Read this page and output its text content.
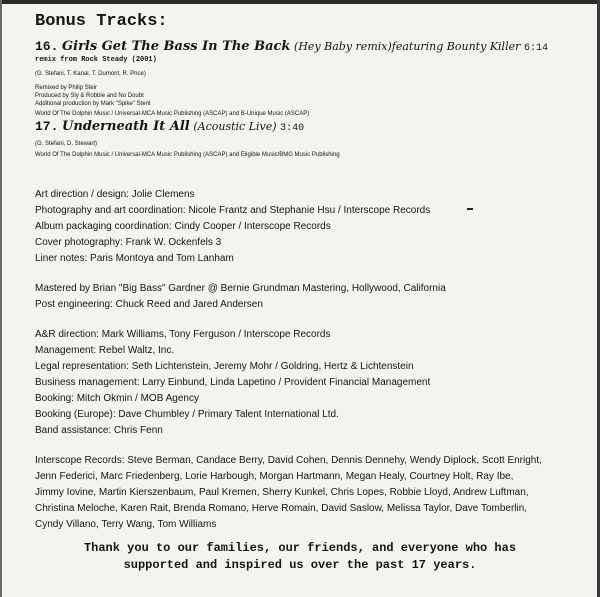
Bonus Tracks:
16. Girls Get The Bass In The Back (Hey Baby remix)featuring Bounty Killer 6:14
remix from Rock Steady (2001)
(G. Stefani, T. Kanal, T. Dumont, R. Price)
Remixed by Philip Steir
Produced by Sly & Robbie and No Doubt
Additional production by Mark "Spike" Stent
World Of The Dolphin Music / Universal-MCA Music Publishing (ASCAP) and B-Unique Music (ASCAP)
17. Underneath It All (Acoustic Live) 3:40
(G. Stefani, D. Stewart)
World Of The Dolphin Music / Universal-MCA Music Publishing (ASCAP) and Eligible Music/BMG Music Publishing
Art direction / design: Jolie Clemens
Photography and art coordination: Nicole Frantz and Stephanie Hsu / Interscope Records
Album packaging coordination: Cindy Cooper / Interscope Records
Cover photography: Frank W. Ockenfels 3
Liner notes: Paris Montoya and Tom Lanham
Mastered by Brian "Big Bass" Gardner @ Bernie Grundman Mastering, Hollywood, California
Post engineering: Chuck Reed and Jared Andersen
A&R direction: Mark Williams, Tony Ferguson / Interscope Records
Management: Rebel Waltz, Inc.
Legal representation: Seth Lichtenstein, Jeremy Mohr / Goldring, Hertz & Lichtenstein
Business management: Larry Einbund, Linda Lapetino / Provident Financial Management
Booking: Mitch Okmin / MOB Agency
Booking (Europe): Dave Chumbley / Primary Talent International Ltd.
Band assistance: Chris Fenn
Interscope Records: Steve Berman, Candace Berry, David Cohen, Dennis Dennehy, Wendy Diplock, Scott Enright,
Jenn Federici, Marc Friedenberg, Lorie Harbough, Morgan Hartmann, Megan Healy, Courtney Holt, Ray Ibe,
Jimmy Iovine, Martin Kierszenbaum, Paul Kremen, Sherry Kunkel, Chris Lopes, Robbie Lloyd, Andrew Luftman,
Christina Meloche, Karen Rait, Brenda Romano, Herve Romain, David Saslow, Melissa Taylor, Dave Tomberlin,
Cyndy Villano, Terry Wang, Tom Williams
Thank you to our families, our friends, and everyone who has
supported and inspired us over the past 17 years.
